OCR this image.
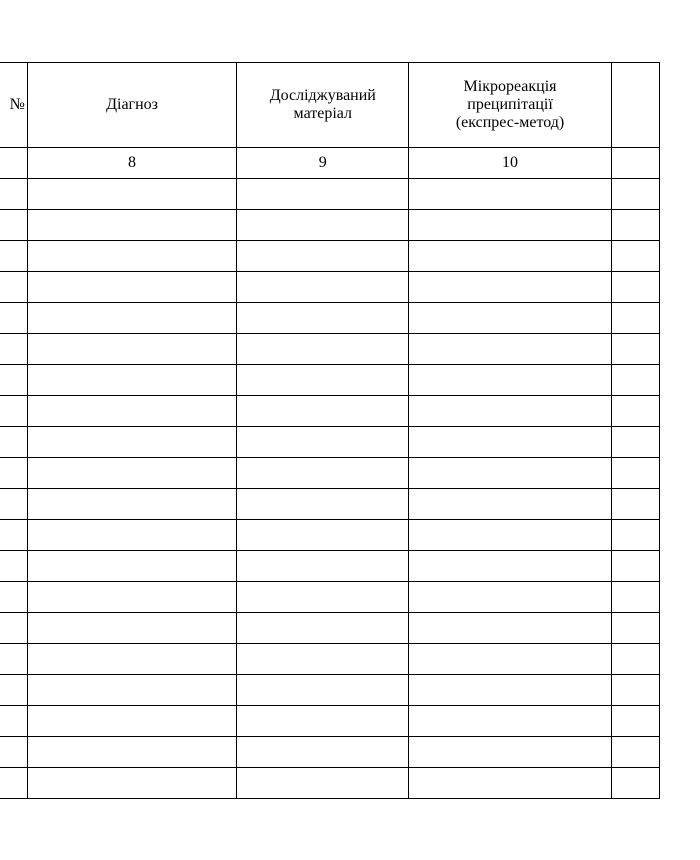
№	Діагноз	Досліджуваний матеріал	Мікрореакція преципітації (експрес-метод)	
	8	9	10	
